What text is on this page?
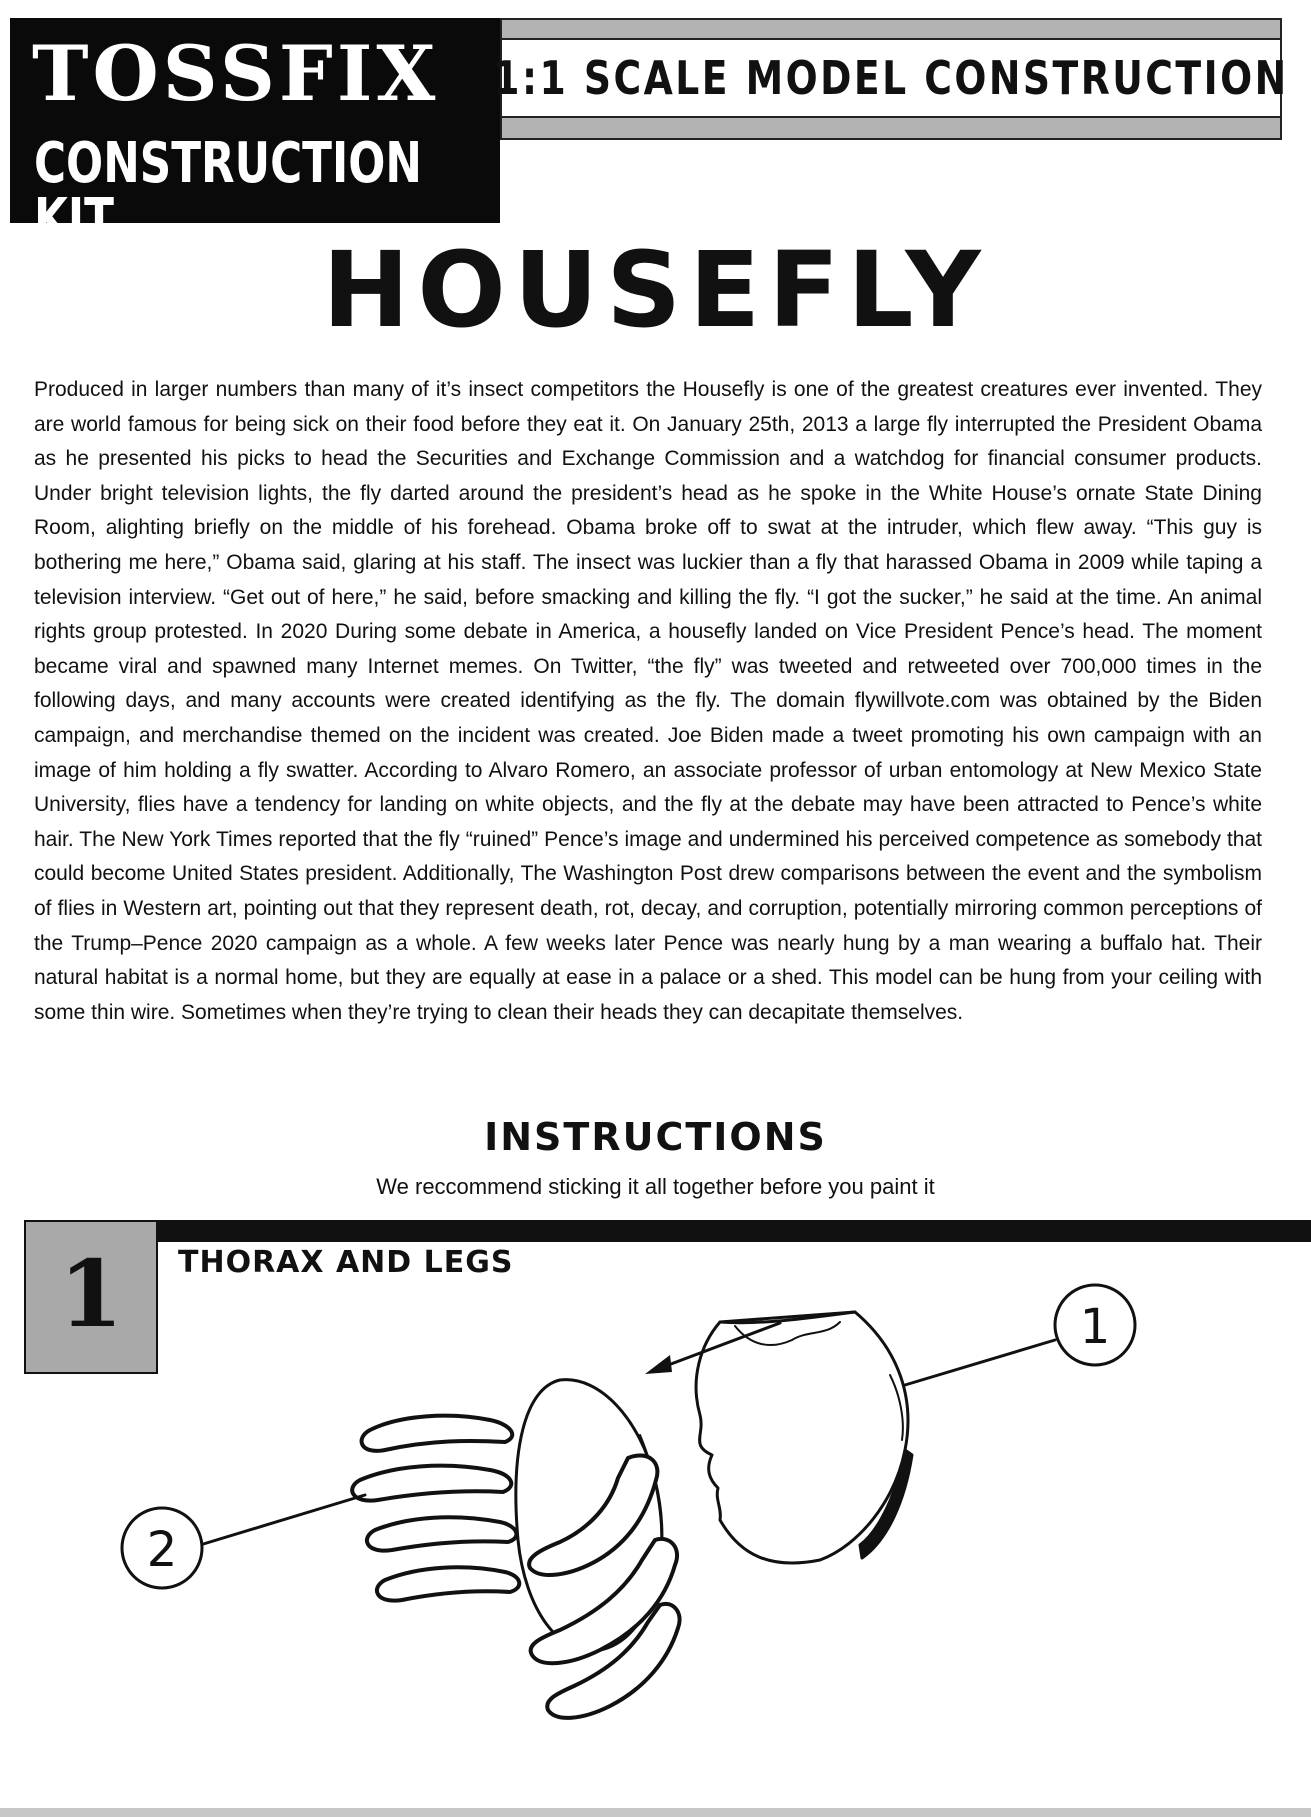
TOSSFIX
CONSTRUCTION KIT
1:1 SCALE MODEL CONSTRUCTION
HOUSEFLY

Produced in larger numbers than many of it’s insect competitors the Housefly is one of the greatest creatures ever invented. They are world famous for being sick on their food before they eat it. On January 25th, 2013 a large fly interrupted the President Obama as he presented his picks to head the Securities and Exchange Commission and a watchdog for financial consumer products. Under bright television lights, the fly darted around the president’s head as he spoke in the White House’s ornate State Dining Room, alighting briefly on the middle of his forehead. Obama broke off to swat at the intruder, which flew away. “This guy is bothering me here,” Obama said, glaring at his staff. The insect was luckier than a fly that harassed Obama in 2009 while taping a television interview. “Get out of here,” he said, before smacking and killing the fly. “I got the sucker,” he said at the time. An animal rights group protested. In 2020 During some debate in America, a housefly landed on Vice President Pence’s head. The moment became viral and spawned many Internet memes. On Twitter, “the fly” was tweeted and retweeted over 700,000 times in the following days, and many accounts were created identifying as the fly. The domain flywillvote.com was obtained by the Biden campaign, and merchandise themed on the incident was created. Joe Biden made a tweet promoting his own campaign with an image of him holding a fly swatter. According to Alvaro Romero, an associate professor of urban entomology at New Mexico State University, flies have a tendency for landing on white objects, and the fly at the debate may have been attracted to Pence’s white hair. The New York Times reported that the fly “ruined” Pence’s image and undermined his perceived competence as somebody that could become United States president. Additionally, The Washington Post drew comparisons between the event and the symbolism of flies in Western art, pointing out that they represent death, rot, decay, and corruption, potentially mirroring common perceptions of the Trump–Pence 2020 campaign as a whole. A few weeks later Pence was nearly hung by a man wearing a buffalo hat. Their natural habitat is a normal home, but they are equally at ease in a palace or a shed. This model can be hung from your ceiling with some thin wire. Sometimes when they’re trying to clean their heads they can decapitate themselves.

INSTRUCTIONS
We reccommend sticking it all together before you paint it
1	THORAX AND LEGS
1
2
